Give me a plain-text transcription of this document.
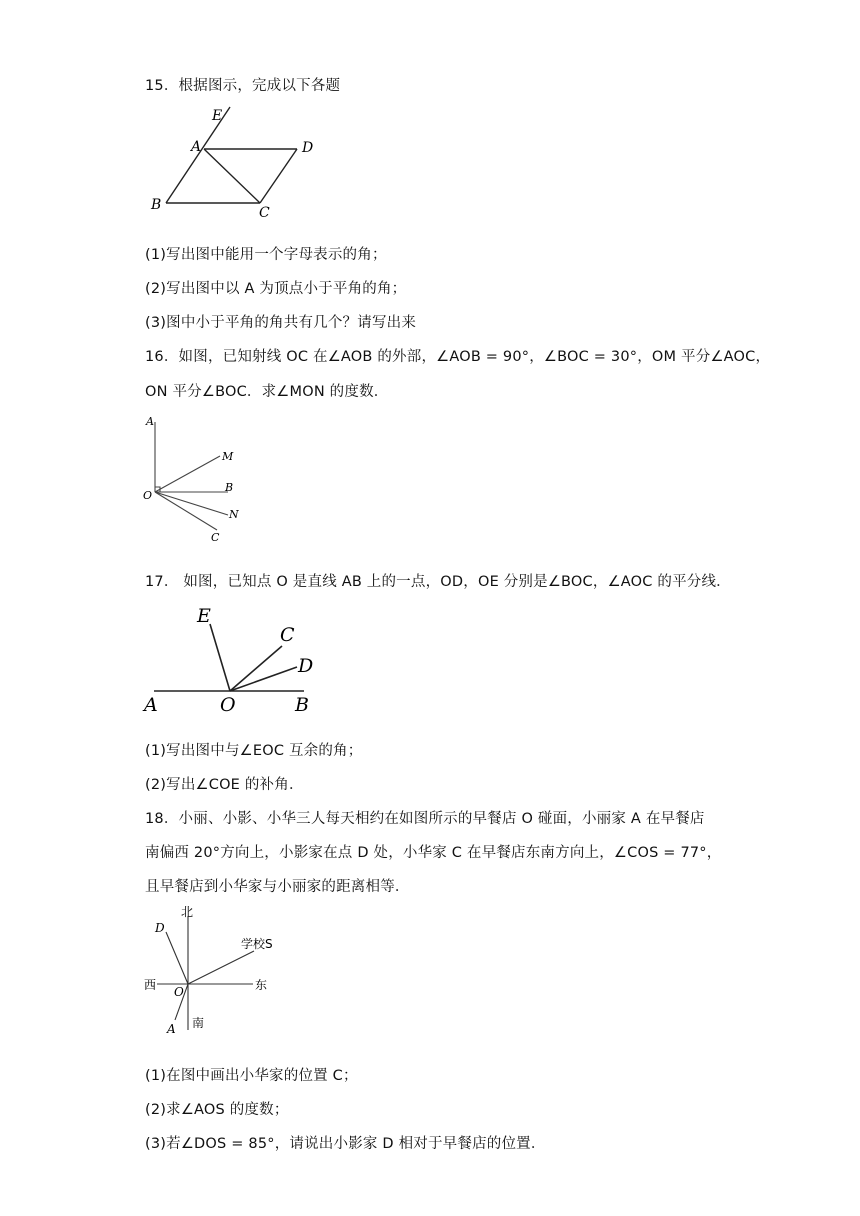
15．根据图示，完成以下各题
E
A	D
B	C
(1)写出图中能用一个字母表示的角；
(2)写出图中以 A 为顶点小于平角的角；
(3)图中小于平角的角共有几个？请写出来
16．如图，已知射线 OC 在∠AOB 的外部，∠AOB = 90°，∠BOC = 30°，OM 平分∠AOC，
ON 平分∠BOC．求∠MON 的度数．
A
M
O
B
N
C
17． 如图，已知点 O 是直线 AB 上的一点，OD，OE 分别是∠BOC，∠AOC 的平分线．
E
C
D
A	O	B
(1)写出图中与∠EOC 互余的角；
(2)写出∠COE 的补角．
18．小丽、小影、小华三人每天相约在如图所示的早餐店 O 碰面，小丽家 A 在早餐店
南偏西 20°方向上，小影家在点 D 处，小华家 C 在早餐店东南方向上，∠COS = 77°，
且早餐店到小华家与小丽家的距离相等．
北
南
东
西
D
O
A
学校S
(1)在图中画出小华家的位置 C；
(2)求∠AOS 的度数；
(3)若∠DOS = 85°，请说出小影家 D 相对于早餐店的位置．
